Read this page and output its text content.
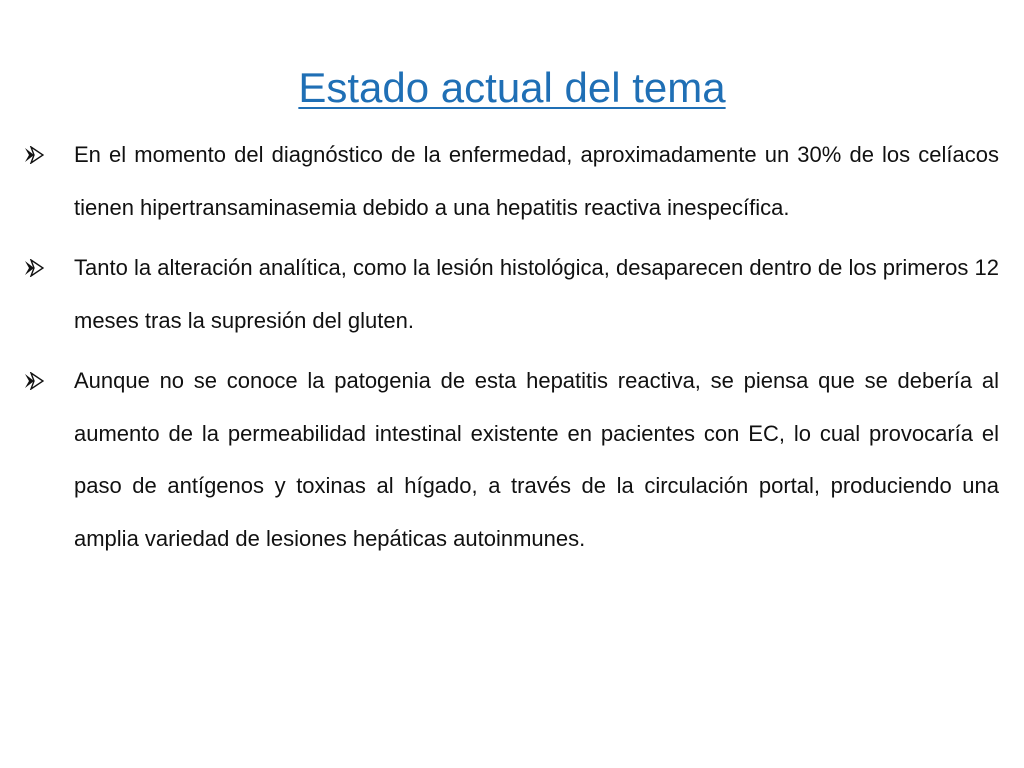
Estado actual del tema
En el momento del diagnóstico de la enfermedad, aproximadamente un 30% de los celíacos tienen hipertransaminasemia debido a una hepatitis reactiva inespecífica.
Tanto la alteración analítica, como la lesión histológica, desaparecen dentro de los primeros 12 meses tras la supresión del gluten.
Aunque no se conoce la patogenia de esta hepatitis reactiva, se piensa que se debería al aumento de la permeabilidad intestinal existente en pacientes con EC, lo cual provocaría el paso de antígenos y toxinas al hígado, a través de la circulación portal, produciendo una amplia variedad de lesiones hepáticas autoinmunes.
